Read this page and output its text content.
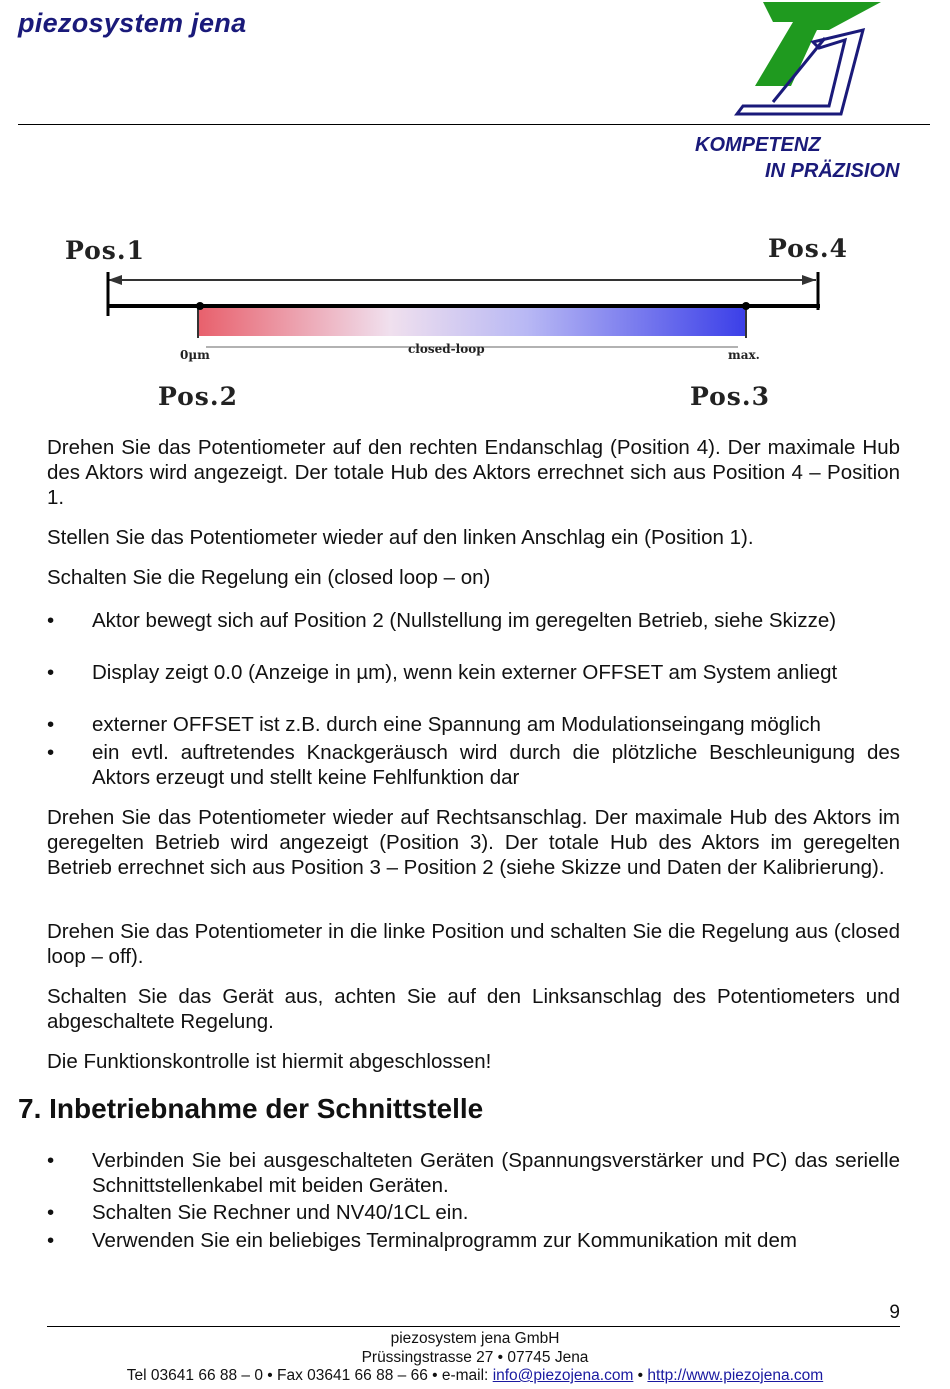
piezosystem jena
KOMPETENZ
IN PRÄZISION
Pos.1	Pos.4
Pos.2	Pos.3
0µm	closed-loop	max.

Drehen Sie das Potentiometer auf den rechten Endanschlag (Position 4). Der maximale Hub des Aktors wird angezeigt. Der totale Hub des Aktors errechnet sich aus Position 4 – Position 1.

Stellen Sie das Potentiometer wieder auf den linken Anschlag ein (Position 1).

Schalten Sie die Regelung ein (closed loop – on)

• Aktor bewegt sich auf Position 2 (Nullstellung im geregelten Betrieb, siehe Skizze)
• Display zeigt 0.0 (Anzeige in µm), wenn kein externer OFFSET am System anliegt
• externer OFFSET ist z.B. durch eine Spannung am Modulationseingang möglich
• ein evtl. auftretendes Knackgeräusch wird durch die plötzliche Beschleunigung des Aktors erzeugt und stellt keine Fehlfunktion dar

Drehen Sie das Potentiometer wieder auf Rechtsanschlag. Der maximale Hub des Aktors im geregelten Betrieb wird angezeigt (Position 3). Der totale Hub des Aktors im geregelten Betrieb errechnet sich aus Position 3 – Position 2 (siehe Skizze und Daten der Kalibrierung).

Drehen Sie das Potentiometer in die linke Position und schalten Sie die Regelung aus (closed loop – off).

Schalten Sie das Gerät aus, achten Sie auf den Linksanschlag des Potentiometers und abgeschaltete Regelung.

Die Funktionskontrolle ist hiermit abgeschlossen!

7. Inbetriebnahme der Schnittstelle
• Verbinden Sie bei ausgeschalteten Geräten (Spannungsverstärker und PC) das serielle Schnittstellenkabel mit beiden Geräten.
• Schalten Sie Rechner und NV40/1CL ein.
• Verwenden Sie ein beliebiges Terminalprogramm zur Kommunikation mit dem
9
piezosystem jena GmbH
Prüssingstrasse 27 • 07745 Jena
Tel 03641 66 88 – 0 • Fax 03641 66 88 – 66 • e-mail: info@piezojena.com • http://www.piezojena.com
